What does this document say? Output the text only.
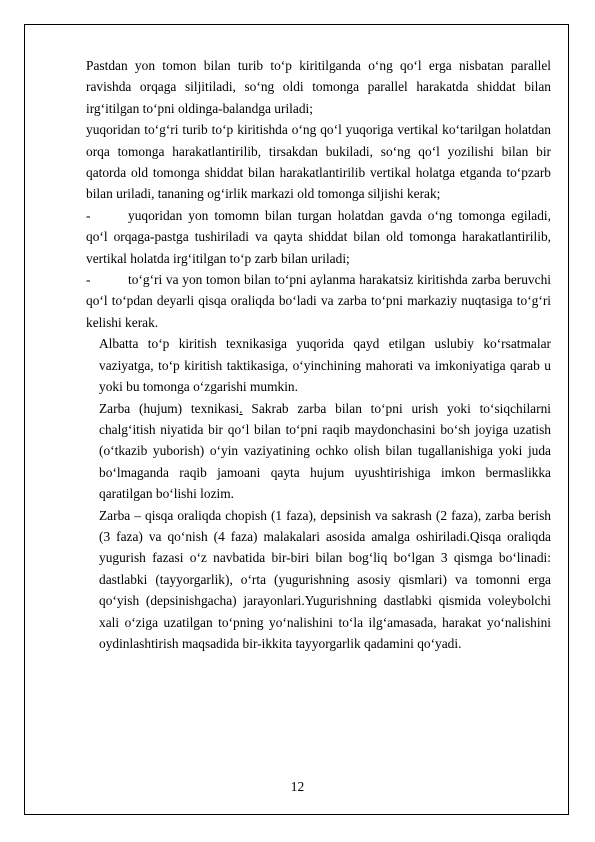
Pastdan yon tomon bilan turib to‘p kiritilganda o‘ng qo‘l erga nisbatan parallel ravishda orqaga siljitiladi, so‘ng oldi tomonga parallel harakatda shiddat bilan irg‘itilgan to‘pni oldinga-balandga uriladi;

yuqoridan to‘g‘ri turib to‘p kiritishda o‘ng qo‘l yuqoriga vertikal ko‘tarilgan holatdan orqa tomonga harakatlantirilib, tirsakdan bukiladi, so‘ng qo‘l yozilishi bilan bir qatorda old tomonga shiddat bilan harakatlantirilib vertikal holatga etganda to‘pzarb bilan uriladi, tananing og‘irlik markazi old tomonga siljishi kerak;

-	yuqoridan yon tomomn bilan turgan holatdan gavda o‘ng tomonga egiladi, qo‘l orqaga-pastga tushiriladi va qayta shiddat bilan old tomonga harakatlantirilib, vertikal holatda irg‘itilgan to‘p zarb bilan uriladi;

-	to‘g‘ri va yon tomon bilan to‘pni aylanma harakatsiz kiritishda zarba beruvchi qo‘l to‘pdan deyarli qisqa oraliqda bo‘ladi va zarba to‘pni markaziy nuqtasiga to‘g‘ri kelishi kerak.

Albatta to‘p kiritish texnikasiga yuqorida qayd etilgan uslubiy ko‘rsatmalar vaziyatga, to‘p kiritish taktikasiga, o‘yinchining mahorati va imkoniyatiga qarab u yoki bu tomonga o‘zgarishi mumkin.

Zarba (hujum) texnikasi. Sakrab zarba bilan to‘pni urish yoki to‘siqchilarni chalg‘itish niyatida bir qo‘l bilan to‘pni raqib maydonchasini bo‘sh joyiga uzatish (o‘tkazib yuborish) o‘yin vaziyatining ochko olish bilan tugallanishiga yoki juda bo‘lmaganda raqib jamoani qayta hujum uyushtirishiga imkon bermaslikka qaratilgan bo‘lishi lozim.

Zarba – qisqa oraliqda chopish (1 faza), depsinish va sakrash (2 faza), zarba berish (3 faza) va qo‘nish (4 faza) malakalari asosida amalga oshiriladi.Qisqa oraliqda yugurish fazasi o‘z navbatida bir-biri bilan bog‘liq bo‘lgan 3 qismga bo‘linadi: dastlabki (tayyorgarlik), o‘rta (yugurishning asosiy qismlari) va tomonni erga qo‘yish (depsinishgacha) jarayonlari.Yugurishning dastlabki qismida voleybolchi xali o‘ziga uzatilgan to‘pning yo‘nalishini to‘la ilg‘amasada, harakat yo‘nalishini oydinlashtirish maqsadida bir-ikkita tayyorgarlik qadamini qo‘yadi.

12
